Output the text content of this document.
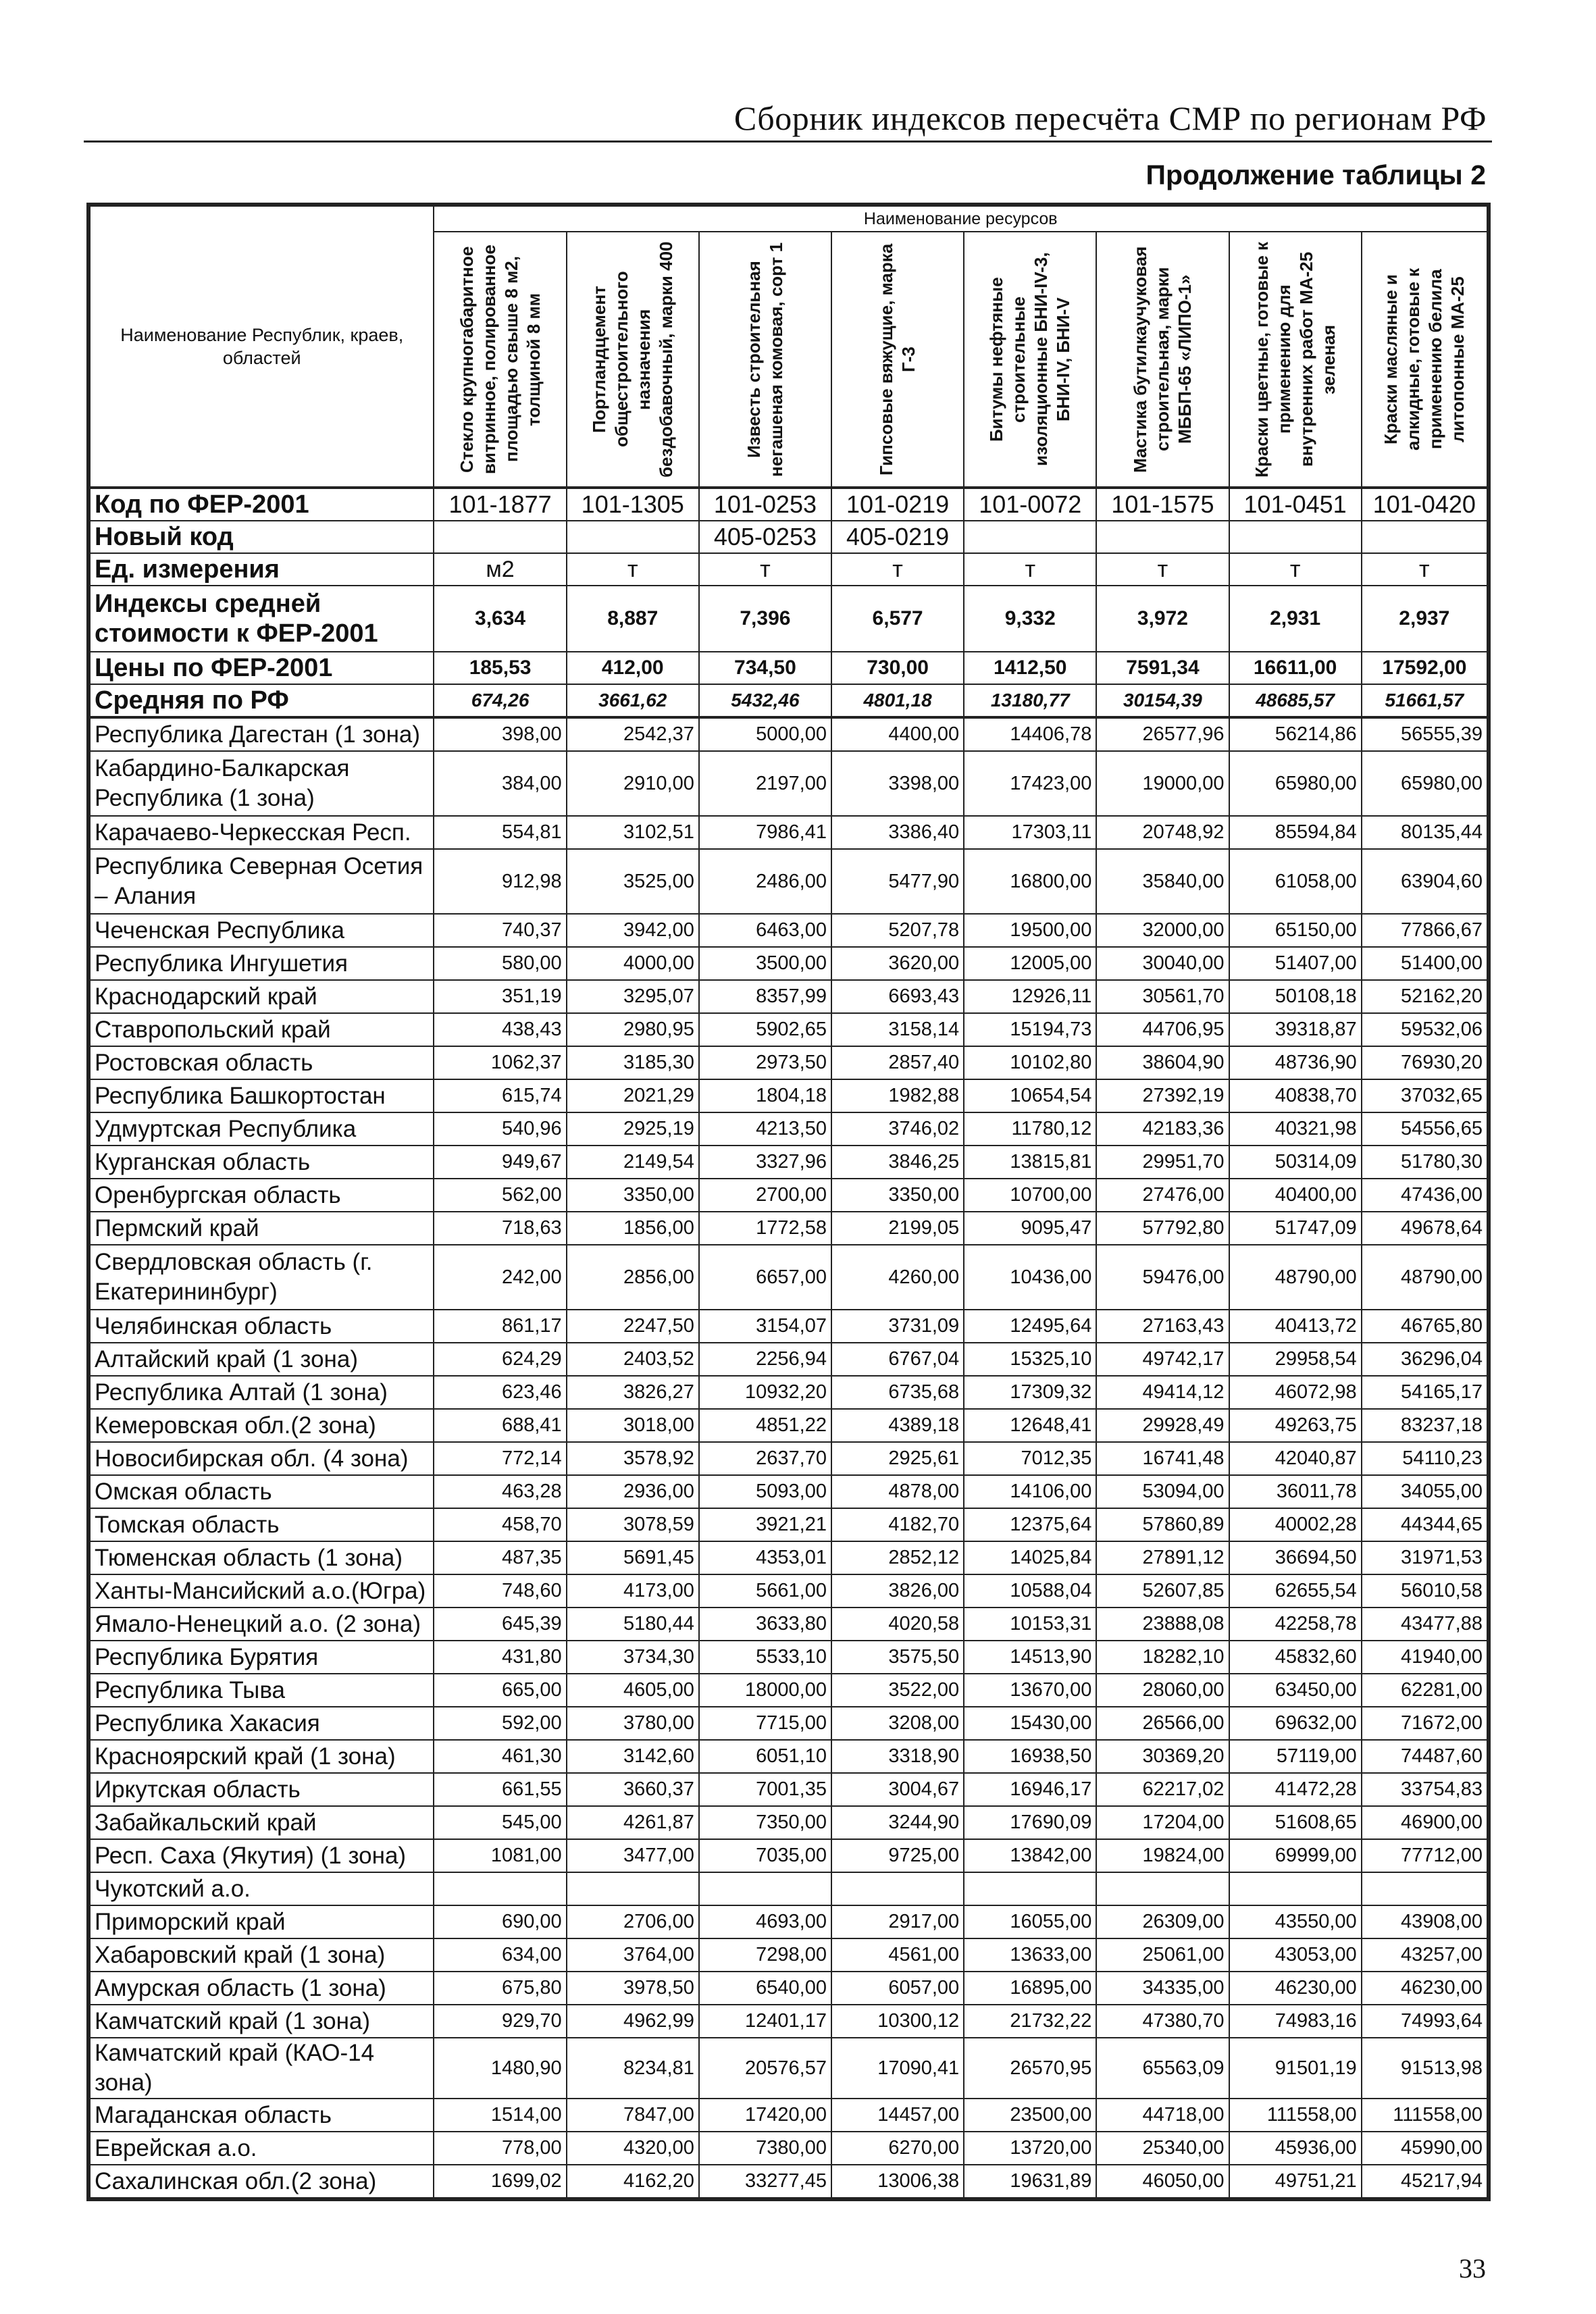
Сборник индексов пересчёта СМР по регионам РФ
Продолжение таблицы 2
Наименование Республик, краев, областей	Наименование ресурсов							

	Стекло крупногабаритное витринное, полированное площадью свыше 8 м2, толщиной 8 мм	Портландцемент общестроительного назначения бездобавочный, марки 400	Известь строительная негашеная комовая, сорт 1	Гипсовые вяжущие, марка Г-3	Битумы нефтяные строительные изоляционные БНИ-IV-3, БНИ-IV, БНИ-V	Мастика бутилкаучуковая строительная, марки МББП-65 «ЛИПО-1»	Краски цветные, готовые к применению для внутренних работ МА-25 зеленая	Краски масляные и алкидные, готовые к применению белила литопонные МА-25

Код по ФЕР-2001	101-1877	101-1305	101-0253	101-0219	101-0072	101-1575	101-0451	101-0420
Новый код			405-0253	405-0219				
Ед. измерения	м2	т	т	т	т	т	т	т
Индексы средней стоимости к ФЕР-2001	3,634	8,887	7,396	6,577	9,332	3,972	2,931	2,937
Цены по ФЕР-2001	185,53	412,00	734,50	730,00	1412,50	7591,34	16611,00	17592,00
Средняя по РФ	674,26	3661,62	5432,46	4801,18	13180,77	30154,39	48685,57	51661,57
Республика Дагестан (1 зона)	398,00	2542,37	5000,00	4400,00	14406,78	26577,96	56214,86	56555,39
Кабардино-Балкарская Республика (1 зона)	384,00	2910,00	2197,00	3398,00	17423,00	19000,00	65980,00	65980,00
Карачаево-Черкесская Респ.	554,81	3102,51	7986,41	3386,40	17303,11	20748,92	85594,84	80135,44
Республика Северная Осетия – Алания	912,98	3525,00	2486,00	5477,90	16800,00	35840,00	61058,00	63904,60
Чеченская Республика	740,37	3942,00	6463,00	5207,78	19500,00	32000,00	65150,00	77866,67
Республика Ингушетия	580,00	4000,00	3500,00	3620,00	12005,00	30040,00	51407,00	51400,00
Краснодарский край	351,19	3295,07	8357,99	6693,43	12926,11	30561,70	50108,18	52162,20
Ставропольский край	438,43	2980,95	5902,65	3158,14	15194,73	44706,95	39318,87	59532,06
Ростовская область	1062,37	3185,30	2973,50	2857,40	10102,80	38604,90	48736,90	76930,20
Республика Башкортостан	615,74	2021,29	1804,18	1982,88	10654,54	27392,19	40838,70	37032,65
Удмуртская Республика	540,96	2925,19	4213,50	3746,02	11780,12	42183,36	40321,98	54556,65
Курганская область	949,67	2149,54	3327,96	3846,25	13815,81	29951,70	50314,09	51780,30
Оренбургская область	562,00	3350,00	2700,00	3350,00	10700,00	27476,00	40400,00	47436,00
Пермский край	718,63	1856,00	1772,58	2199,05	9095,47	57792,80	51747,09	49678,64
Свердловская область (г. Екатерининбург)	242,00	2856,00	6657,00	4260,00	10436,00	59476,00	48790,00	48790,00
Челябинская область	861,17	2247,50	3154,07	3731,09	12495,64	27163,43	40413,72	46765,80
Алтайский край (1 зона)	624,29	2403,52	2256,94	6767,04	15325,10	49742,17	29958,54	36296,04
Республика Алтай (1 зона)	623,46	3826,27	10932,20	6735,68	17309,32	49414,12	46072,98	54165,17
Кемеровская обл.(2 зона)	688,41	3018,00	4851,22	4389,18	12648,41	29928,49	49263,75	83237,18
Новосибирская обл. (4 зона)	772,14	3578,92	2637,70	2925,61	7012,35	16741,48	42040,87	54110,23
Омская область	463,28	2936,00	5093,00	4878,00	14106,00	53094,00	36011,78	34055,00
Томская область	458,70	3078,59	3921,21	4182,70	12375,64	57860,89	40002,28	44344,65
Тюменская область (1 зона)	487,35	5691,45	4353,01	2852,12	14025,84	27891,12	36694,50	31971,53
Ханты-Мансийский а.о.(Югра)	748,60	4173,00	5661,00	3826,00	10588,04	52607,85	62655,54	56010,58
Ямало-Ненецкий а.о. (2 зона)	645,39	5180,44	3633,80	4020,58	10153,31	23888,08	42258,78	43477,88
Республика Бурятия	431,80	3734,30	5533,10	3575,50	14513,90	18282,10	45832,60	41940,00
Республика Тыва	665,00	4605,00	18000,00	3522,00	13670,00	28060,00	63450,00	62281,00
Республика Хакасия	592,00	3780,00	7715,00	3208,00	15430,00	26566,00	69632,00	71672,00
Красноярский край (1 зона)	461,30	3142,60	6051,10	3318,90	16938,50	30369,20	57119,00	74487,60
Иркутская область	661,55	3660,37	7001,35	3004,67	16946,17	62217,02	41472,28	33754,83
Забайкальский край	545,00	4261,87	7350,00	3244,90	17690,09	17204,00	51608,65	46900,00
Респ. Саха (Якутия) (1 зона)	1081,00	3477,00	7035,00	9725,00	13842,00	19824,00	69999,00	77712,00
Чукотский а.о.								
Приморский край	690,00	2706,00	4693,00	2917,00	16055,00	26309,00	43550,00	43908,00
Хабаровский край (1 зона)	634,00	3764,00	7298,00	4561,00	13633,00	25061,00	43053,00	43257,00
Амурская область (1 зона)	675,80	3978,50	6540,00	6057,00	16895,00	34335,00	46230,00	46230,00
Камчатский край (1 зона)	929,70	4962,99	12401,17	10300,12	21732,22	47380,70	74983,16	74993,64
Камчатский край (КАО-14 зона)	1480,90	8234,81	20576,57	17090,41	26570,95	65563,09	91501,19	91513,98
Магаданская область	1514,00	7847,00	17420,00	14457,00	23500,00	44718,00	111558,00	111558,00
Еврейская а.о.	778,00	4320,00	7380,00	6270,00	13720,00	25340,00	45936,00	45990,00
Сахалинская обл.(2 зона)	1699,02	4162,20	33277,45	13006,38	19631,89	46050,00	49751,21	45217,94
33
